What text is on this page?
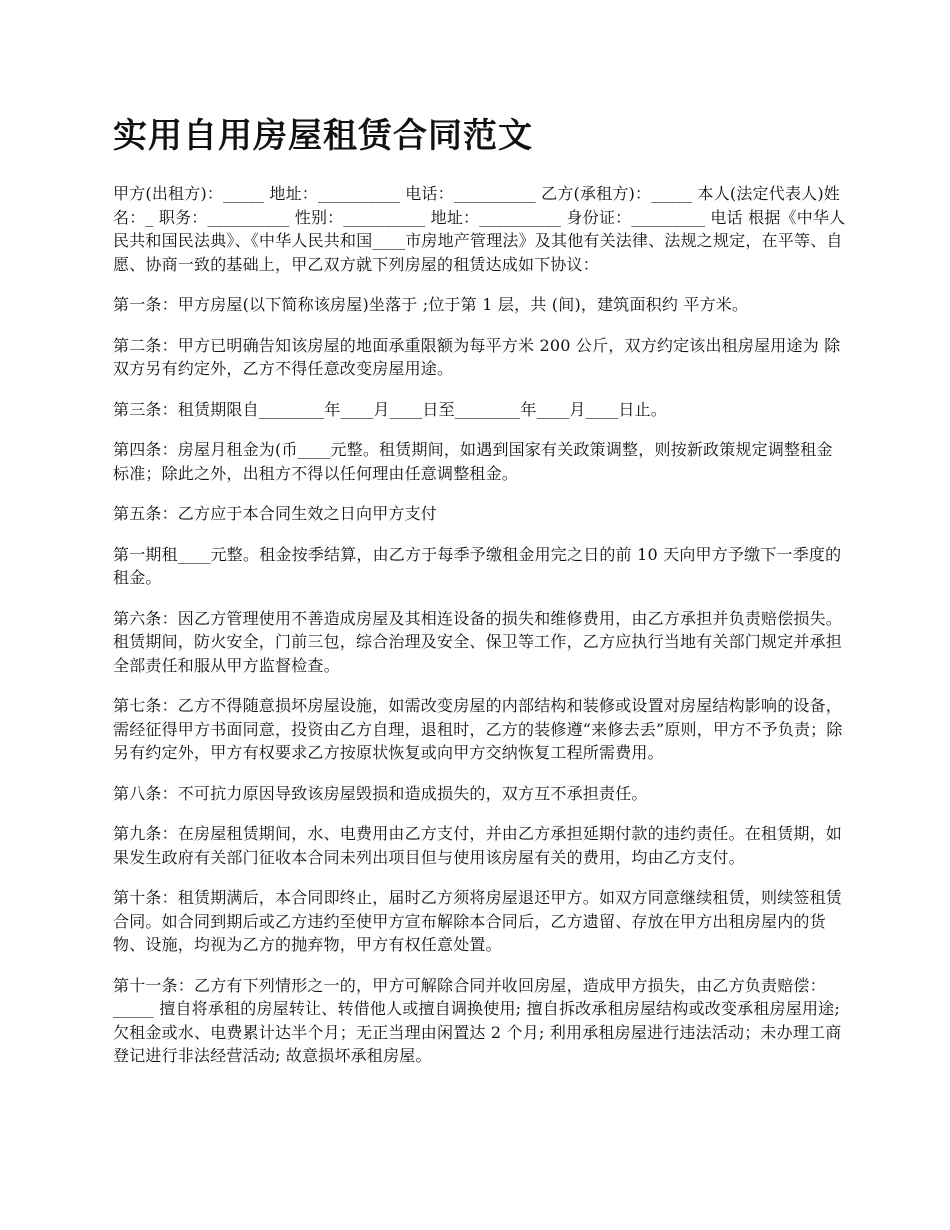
实用自用房屋租赁合同范文

甲方(出租方)：_____ 地址：__________ 电话：__________ 乙方(承租方)：_____ 本人(法定代表人)姓名：_ 职务：__________ 性别：__________ 地址：__________ 身份证：_________ 电话 根据《中华人民共和国民法典》、《中华人民共和国____市房地产管理法》及其他有关法律、法规之规定，在平等、自愿、协商一致的基础上，甲乙双方就下列房屋的租赁达成如下协议：

第一条：甲方房屋(以下简称该房屋)坐落于 ;位于第 1 层，共 (间)，建筑面积约 平方米。

第二条：甲方已明确告知该房屋的地面承重限额为每平方米 200 公斤，双方约定该出租房屋用途为 除双方另有约定外，乙方不得任意改变房屋用途。

第三条：租赁期限自________年____月____日至________年____月____日止。

第四条：房屋月租金为(币____元整。租赁期间，如遇到国家有关政策调整，则按新政策规定调整租金标准；除此之外，出租方不得以任何理由任意调整租金。

第五条：乙方应于本合同生效之日向甲方支付

第一期租____元整。租金按季结算，由乙方于每季予缴租金用完之日的前 10 天向甲方予缴下一季度的租金。

第六条：因乙方管理使用不善造成房屋及其相连设备的损失和维修费用，由乙方承担并负责赔偿损失。租赁期间，防火安全，门前三包，综合治理及安全、保卫等工作，乙方应执行当地有关部门规定并承担全部责任和服从甲方监督检查。

第七条：乙方不得随意损坏房屋设施，如需改变房屋的内部结构和装修或设置对房屋结构影响的设备，需经征得甲方书面同意，投资由乙方自理，退租时，乙方的装修遵“来修去丢”原则，甲方不予负责；除另有约定外，甲方有权要求乙方按原状恢复或向甲方交纳恢复工程所需费用。

第八条：不可抗力原因导致该房屋毁损和造成损失的，双方互不承担责任。

第九条：在房屋租赁期间，水、电费用由乙方支付，并由乙方承担延期付款的违约责任。在租赁期，如果发生政府有关部门征收本合同未列出项目但与使用该房屋有关的费用，均由乙方支付。

第十条：租赁期满后，本合同即终止，届时乙方须将房屋退还甲方。如双方同意继续租赁，则续签租赁合同。如合同到期后或乙方违约至使甲方宣布解除本合同后，乙方遗留、存放在甲方出租房屋内的货物、设施，均视为乙方的抛弃物，甲方有权任意处置。

第十一条：乙方有下列情形之一的，甲方可解除合同并收回房屋，造成甲方损失，由乙方负责赔偿：_____ 擅自将承租的房屋转让、转借他人或擅自调换使用; 擅自拆改承租房屋结构或改变承租房屋用途; 欠租金或水、电费累计达半个月；无正当理由闲置达 2 个月; 利用承租房屋进行违法活动；未办理工商登记进行非法经营活动; 故意损坏承租房屋。
